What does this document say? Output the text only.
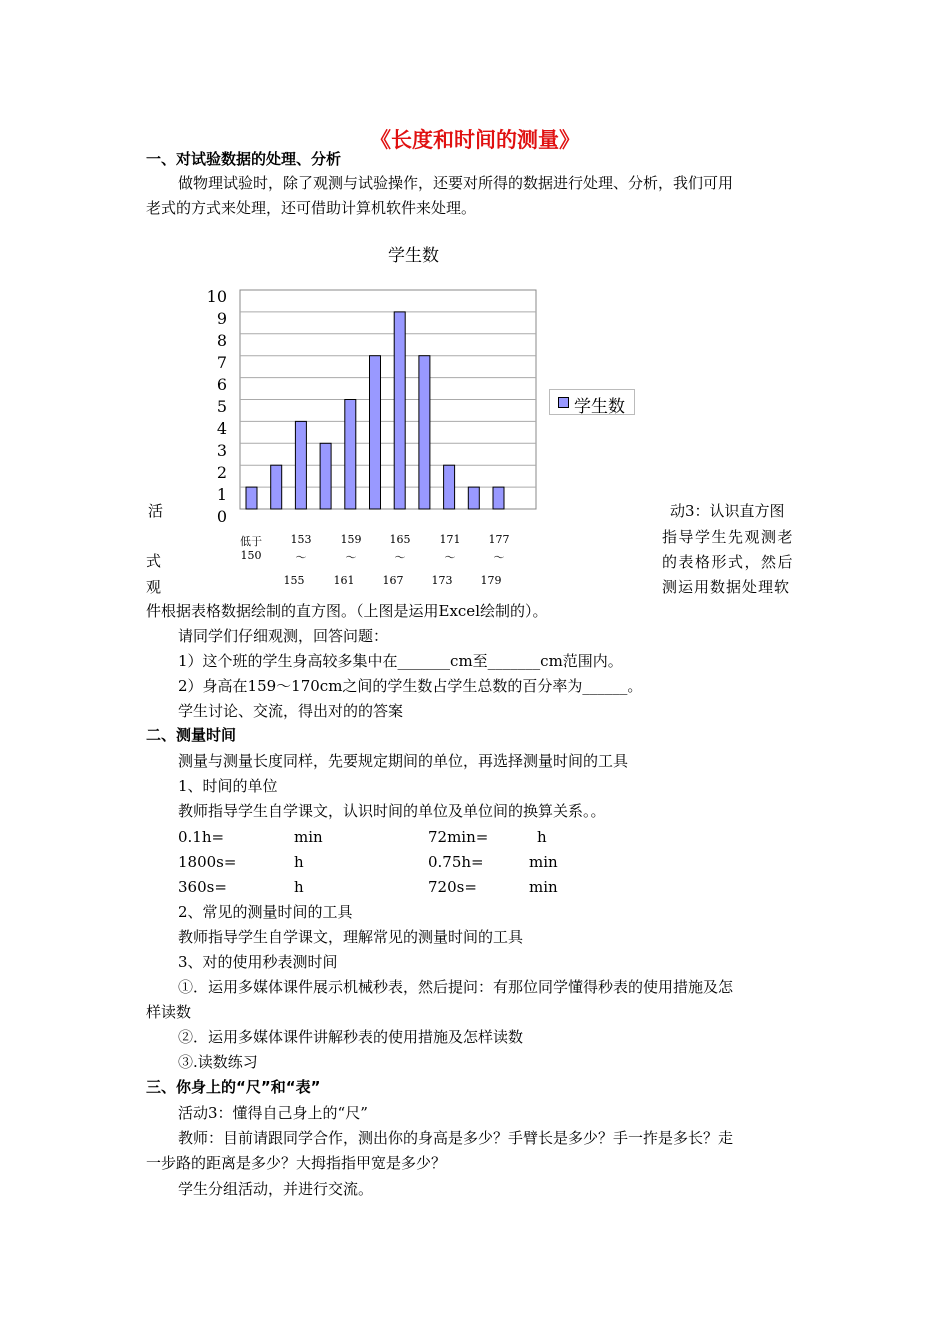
《长度和时间的测量》
一、对试验数据的处理、分析
做物理试验时，除了观测与试验操作，还要对所得的数据进行处理、分析，我们可用
老式的方式来处理，还可借助计算机软件来处理。
学生数
10
9
8
7
6
5
4
3
2
1
0
低于	153	159	165	171	177
150	～	～	～	～	～
155	161	167	173	179
学生数
活
式
观
动3：认识直方图
指导学生先观测老
的表格形式，然后
测运用数据处理软
件根据表格数据绘制的直方图。（上图是运用Excel绘制的）。
请同学们仔细观测，回答问题：
1）这个班的学生身高较多集中在_______cm至_______cm范围内。
2）身高在159～170cm之间的学生数占学生总数的百分率为______。
学生讨论、交流，得出对的的答案
二、测量时间
测量与测量长度同样，先要规定期间的单位，再选择测量时间的工具
1、时间的单位
教师指导学生自学课文，认识时间的单位及单位间的换算关系。。
0.1h=	min	72min=	h
1800s=	h	0.75h=	min
360s=	h	720s=	min
2、常见的测量时间的工具
教师指导学生自学课文，理解常见的测量时间的工具
3、对的使用秒表测时间
①．运用多媒体课件展示机械秒表，然后提问：有那位同学懂得秒表的使用措施及怎
样读数
②．运用多媒体课件讲解秒表的使用措施及怎样读数
③.读数练习
三、你身上的“尺”和“表”
活动3：懂得自己身上的“尺”
教师：目前请跟同学合作，测出你的身高是多少？手臂长是多少？手一拃是多长？走
一步路的距离是多少？大拇指指甲宽是多少？
学生分组活动，并进行交流。
